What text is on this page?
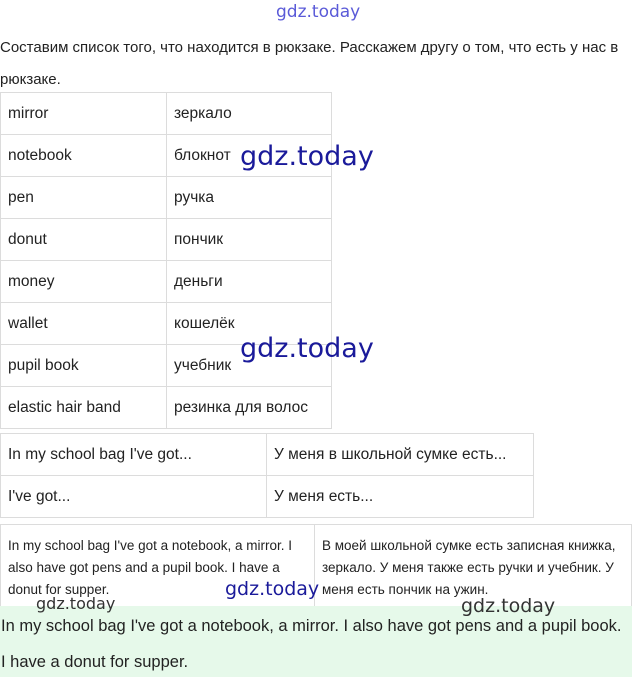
Составим список того, что находится в рюкзаке. Расскажем другу о том, что есть у нас в рюкзаке.
mirror	зеркало
notebook	блокнот
pen	ручка
donut	пончик
money	деньги
wallet	кошелёк
pupil book	учебник
elastic hair band	резинка для волос
In my school bag I've got...	У меня в школьной сумке есть...
I've got...	У меня есть...
In my school bag I've got a notebook, a mirror. I also have got pens and a pupil book. I have a donut for supper.	В моей школьной сумке есть записная книжка, зеркало. У меня также есть ручки и учебник. У меня есть пончик на ужин.
In my school bag I've got a notebook, a mirror. I also have got pens and a pupil book. I have a donut for supper.
gdz.today
gdz.today
gdz.today
gdz.today
gdz.today	gdz.today
